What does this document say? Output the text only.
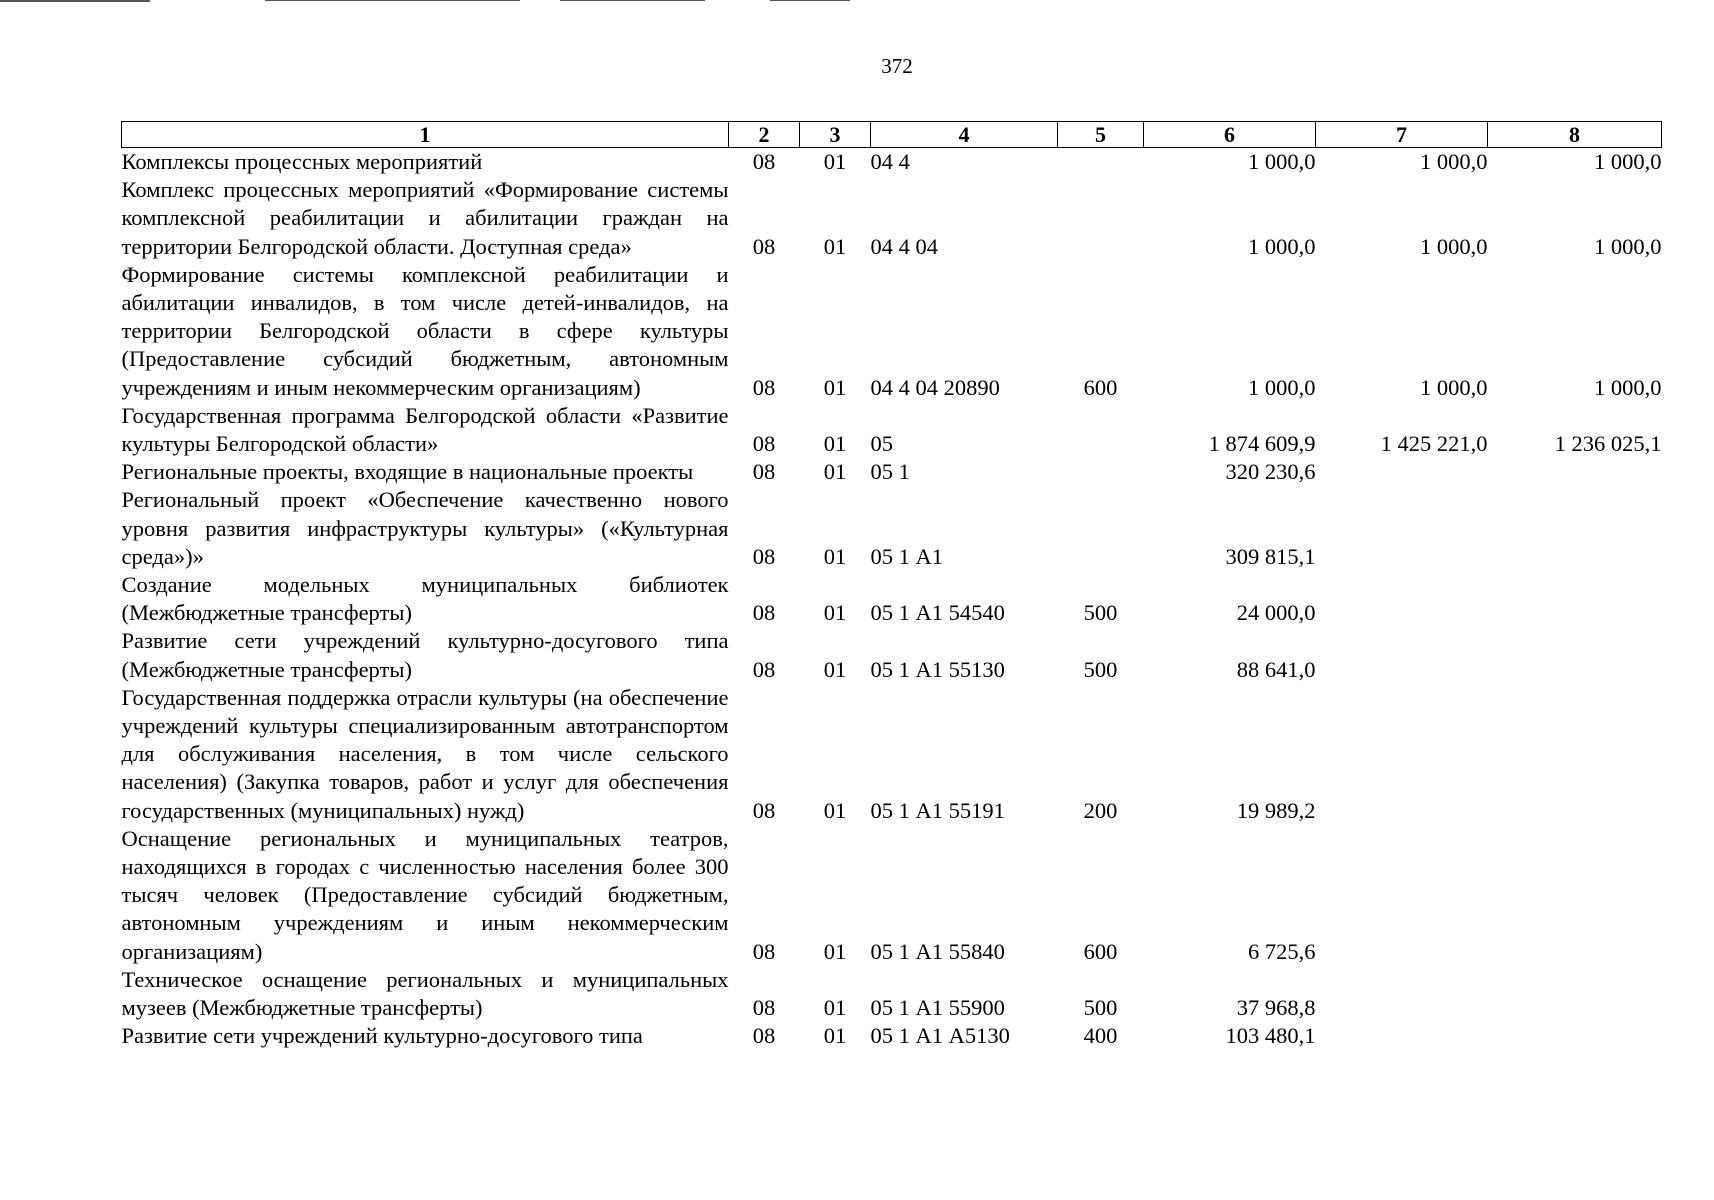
372
1	2	3	4	5	6	7	8
Комплексы процессных мероприятий	08	01	04 4		1 000,0	1 000,0	1 000,0
Комплекс процессных мероприятий «Формирование системы комплексной реабилитации и абилитации граждан на территории Белгородской области. Доступная среда»	08	01	04 4 04		1 000,0	1 000,0	1 000,0
Формирование системы комплексной реабилитации и абилитации инвалидов, в том числе детей-инвалидов, на территории Белгородской области в сфере культуры (Предоставление субсидий бюджетным, автономным учреждениям и иным некоммерческим организациям)	08	01	04 4 04 20890	600	1 000,0	1 000,0	1 000,0
Государственная программа Белгородской области «Развитие культуры Белгородской области»	08	01	05		1 874 609,9	1 425 221,0	1 236 025,1
Региональные проекты, входящие в национальные проекты	08	01	05 1		320 230,6		
Региональный проект «Обеспечение качественно нового уровня развития инфраструктуры культуры» («Культурная среда»)»	08	01	05 1 А1		309 815,1		
Создание модельных муниципальных библиотек (Межбюджетные трансферты)	08	01	05 1 А1 54540	500	24 000,0		
Развитие сети учреждений культурно-досугового типа (Межбюджетные трансферты)	08	01	05 1 А1 55130	500	88 641,0		
Государственная поддержка отрасли культуры (на обеспечение учреждений культуры специализированным автотранспортом для обслуживания населения, в том числе сельского населения) (Закупка товаров, работ и услуг для обеспечения государственных (муниципальных) нужд)	08	01	05 1 А1 55191	200	19 989,2		
Оснащение региональных и муниципальных театров, находящихся в городах с численностью населения более 300 тысяч человек (Предоставление субсидий бюджетным, автономным учреждениям и иным некоммерческим организациям)	08	01	05 1 А1 55840	600	6 725,6		
Техническое оснащение региональных и муниципальных музеев (Межбюджетные трансферты)	08	01	05 1 А1 55900	500	37 968,8		
Развитие сети учреждений культурно-досугового типа	08	01	05 1 А1 А5130	400	103 480,1		
